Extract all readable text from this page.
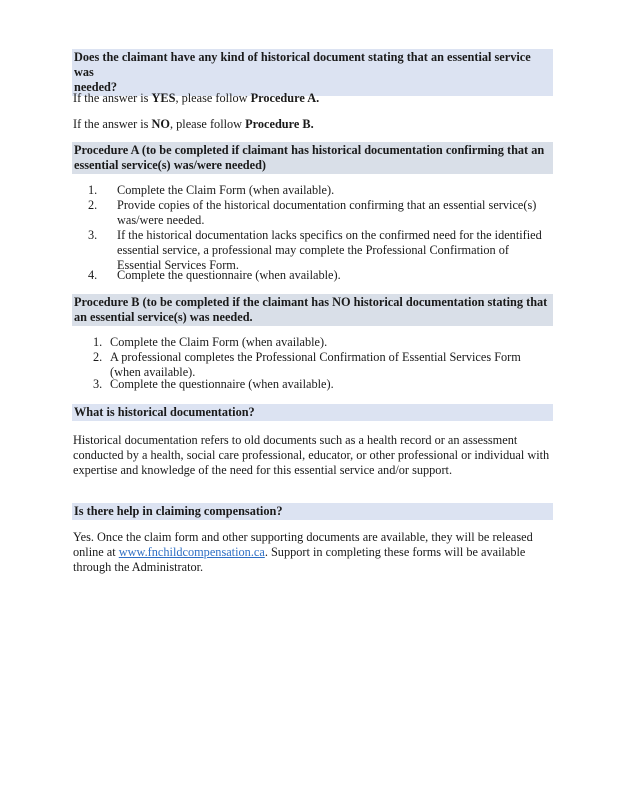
Does the claimant have any kind of historical document stating that an essential service was
needed?
If the answer is YES, please follow Procedure A.
If the answer is NO, please follow Procedure B.
Procedure A (to be completed if claimant has historical documentation confirming that an
essential service(s) was/were needed)
1. Complete the Claim Form (when available).
2. Provide copies of the historical documentation confirming that an essential service(s)
was/were needed.
3. If the historical documentation lacks specifics on the confirmed need for the identified
essential service, a professional may complete the Professional Confirmation of
Essential Services Form.
4. Complete the questionnaire (when available).
Procedure B (to be completed if the claimant has NO historical documentation stating that
an essential service(s) was needed.
1. Complete the Claim Form (when available).
2. A professional completes the Professional Confirmation of Essential Services Form
(when available).
3. Complete the questionnaire (when available).
What is historical documentation?
Historical documentation refers to old documents such as a health record or an assessment
conducted by a health, social care professional, educator, or other professional or individual with
expertise and knowledge of the need for this essential service and/or support.
Is there help in claiming compensation?
Yes. Once the claim form and other supporting documents are available, they will be released
online at www.fnchildcompensation.ca. Support in completing these forms will be available
through the Administrator.
